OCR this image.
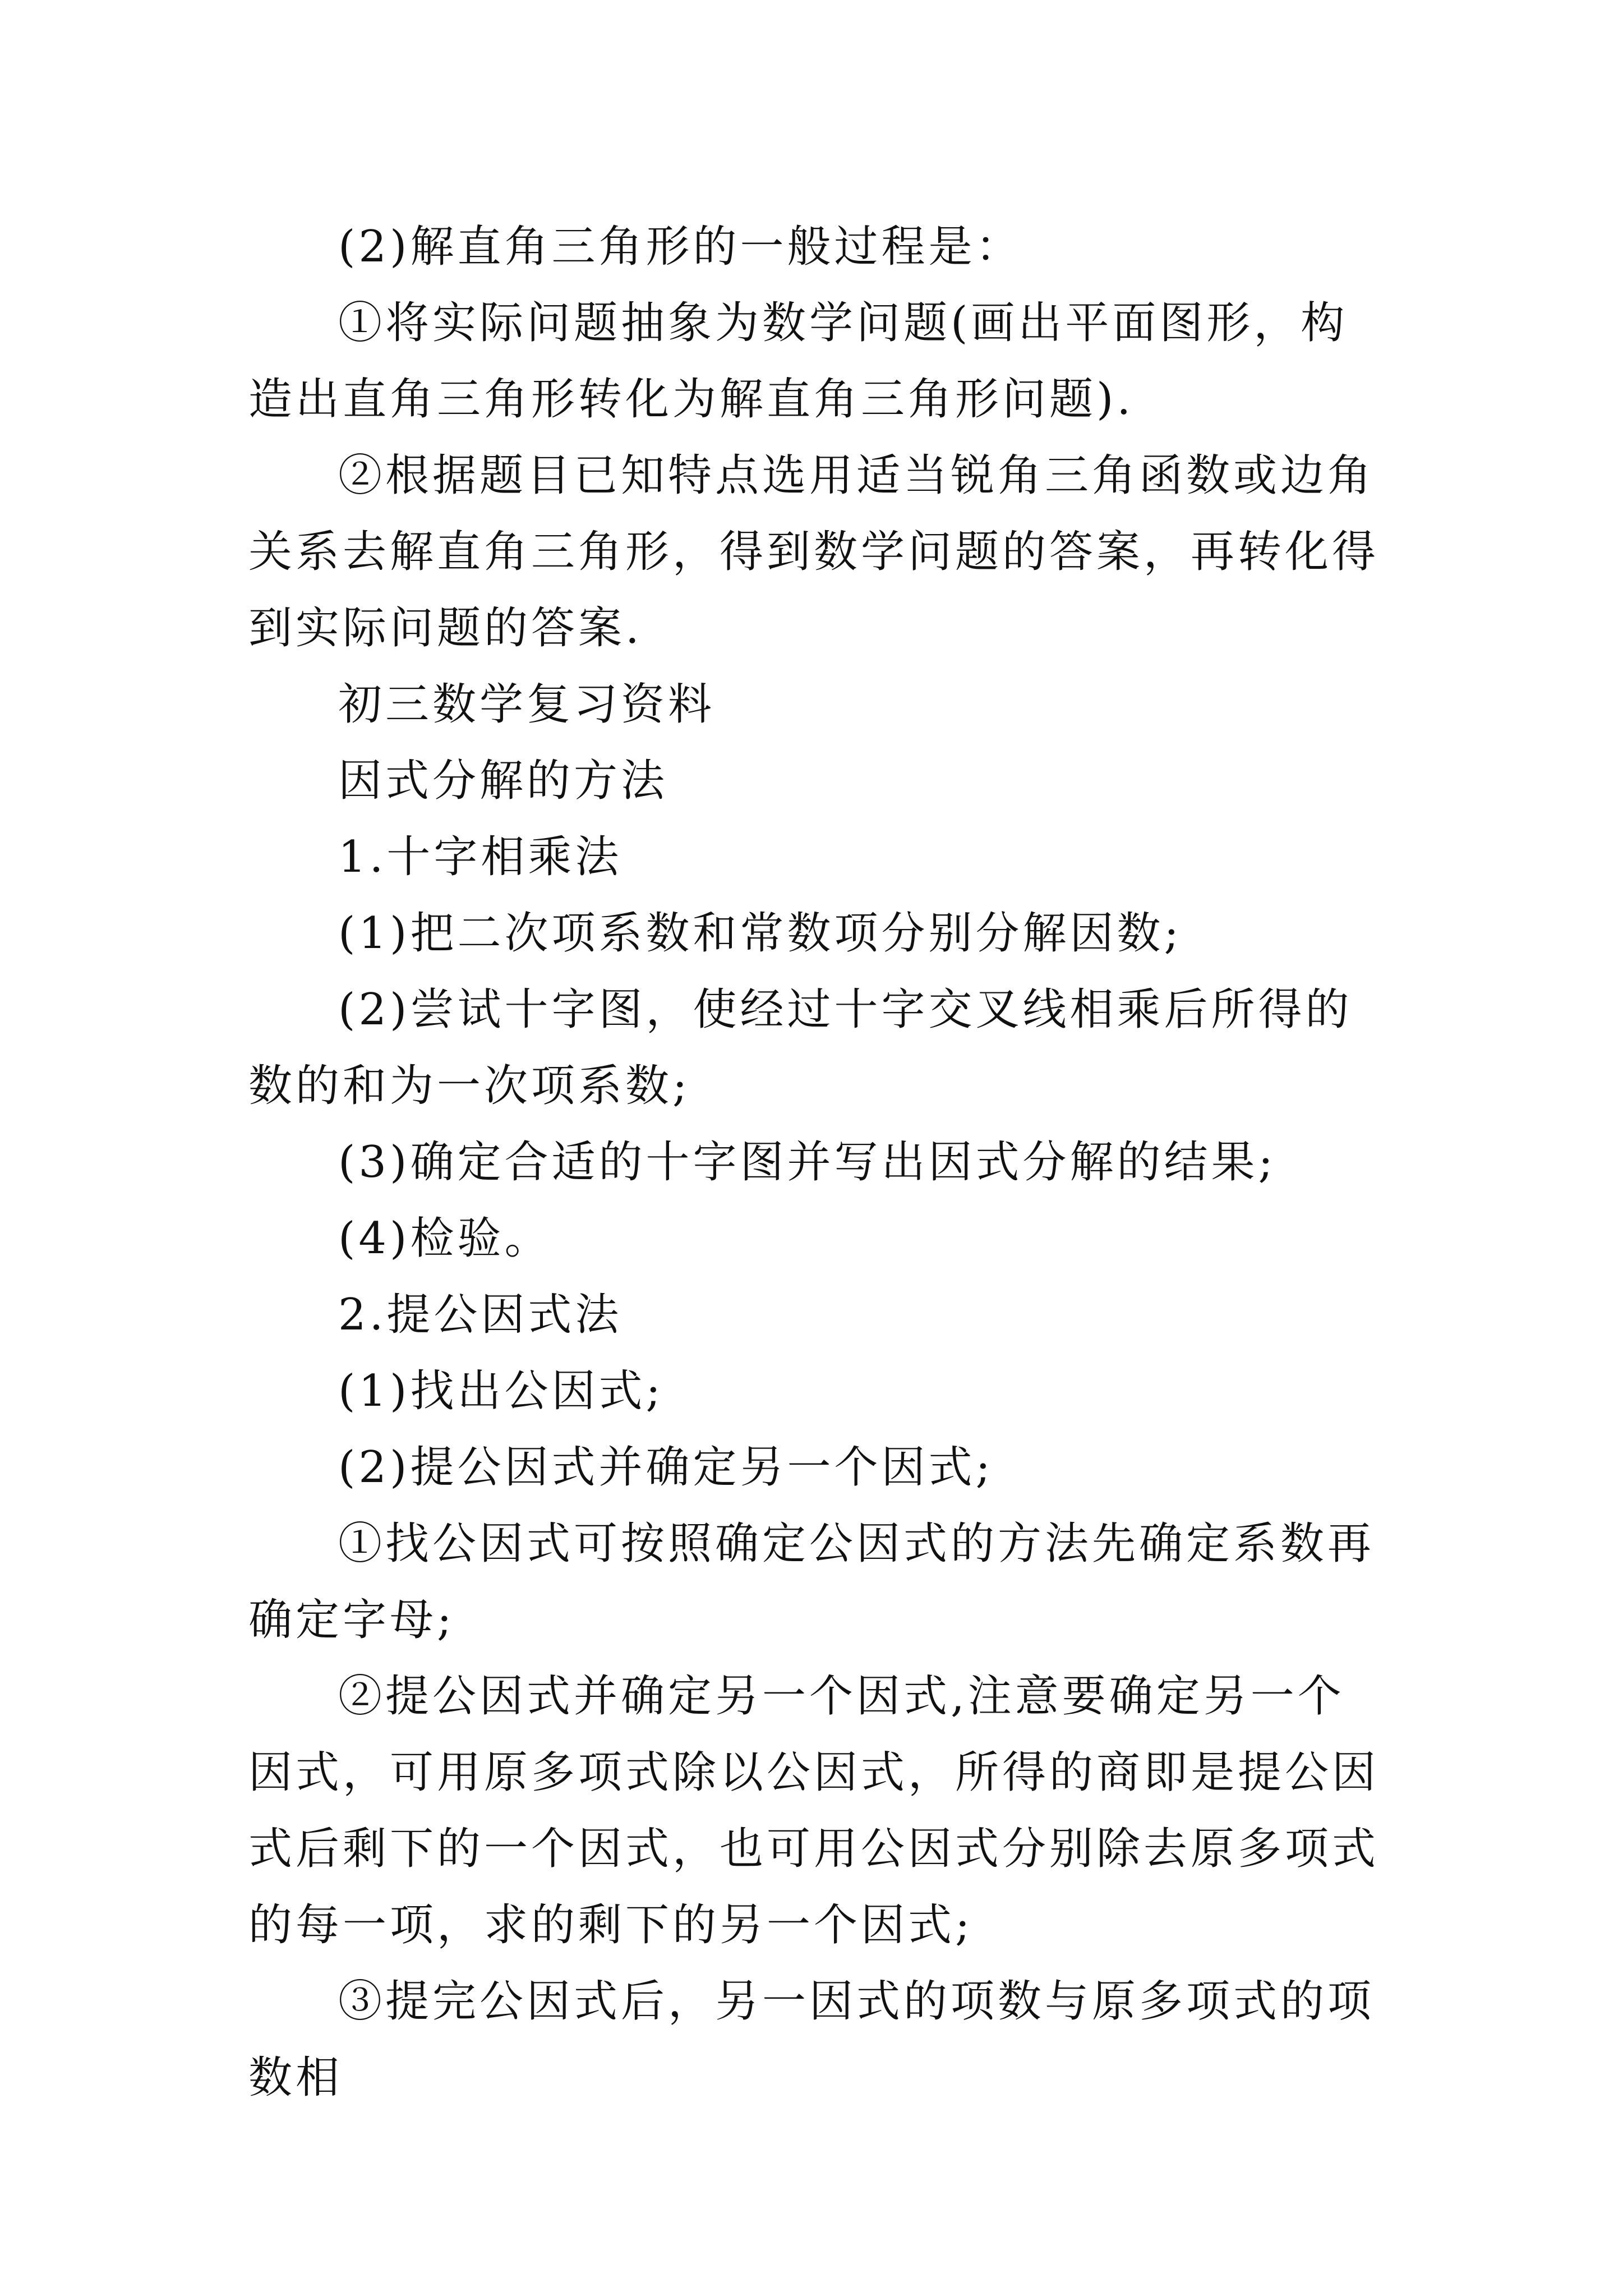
(2)解直角三角形的一般过程是：

①将实际问题抽象为数学问题(画出平面图形，构造出直角三角形转化为解直角三角形问题).

②根据题目已知特点选用适当锐角三角函数或边角关系去解直角三角形，得到数学问题的答案，再转化得到实际问题的答案.

初三数学复习资料

因式分解的方法

1.十字相乘法

(1)把二次项系数和常数项分别分解因数;

(2)尝试十字图，使经过十字交叉线相乘后所得的数的和为一次项系数;

(3)确定合适的十字图并写出因式分解的结果;

(4)检验。

2.提公因式法

(1)找出公因式;

(2)提公因式并确定另一个因式;

①找公因式可按照确定公因式的方法先确定系数再确定字母;

②提公因式并确定另一个因式,注意要确定另一个因式，可用原多项式除以公因式，所得的商即是提公因式后剩下的一个因式，也可用公因式分别除去原多项式的每一项，求的剩下的另一个因式;

③提完公因式后，另一因式的项数与原多项式的项数相
